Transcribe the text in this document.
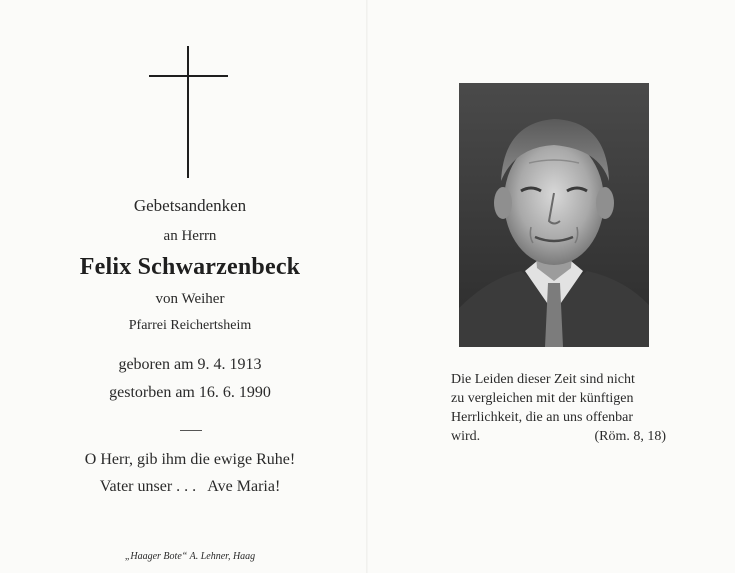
Gebetsandenken
an Herrn
Felix Schwarzenbeck
von Weiher
Pfarrei Reichertsheim
geboren am 9. 4. 1913
gestorben am 16. 6. 1990
O Herr, gib ihm die ewige Ruhe!
Vater unser . . .   Ave Maria!
„Haager Bote“ A. Lehner, Haag
Die Leiden dieser Zeit sind nicht
zu vergleichen mit der künftigen
Herrlichkeit, die an uns offenbar
wird.	(Röm. 8, 18)
